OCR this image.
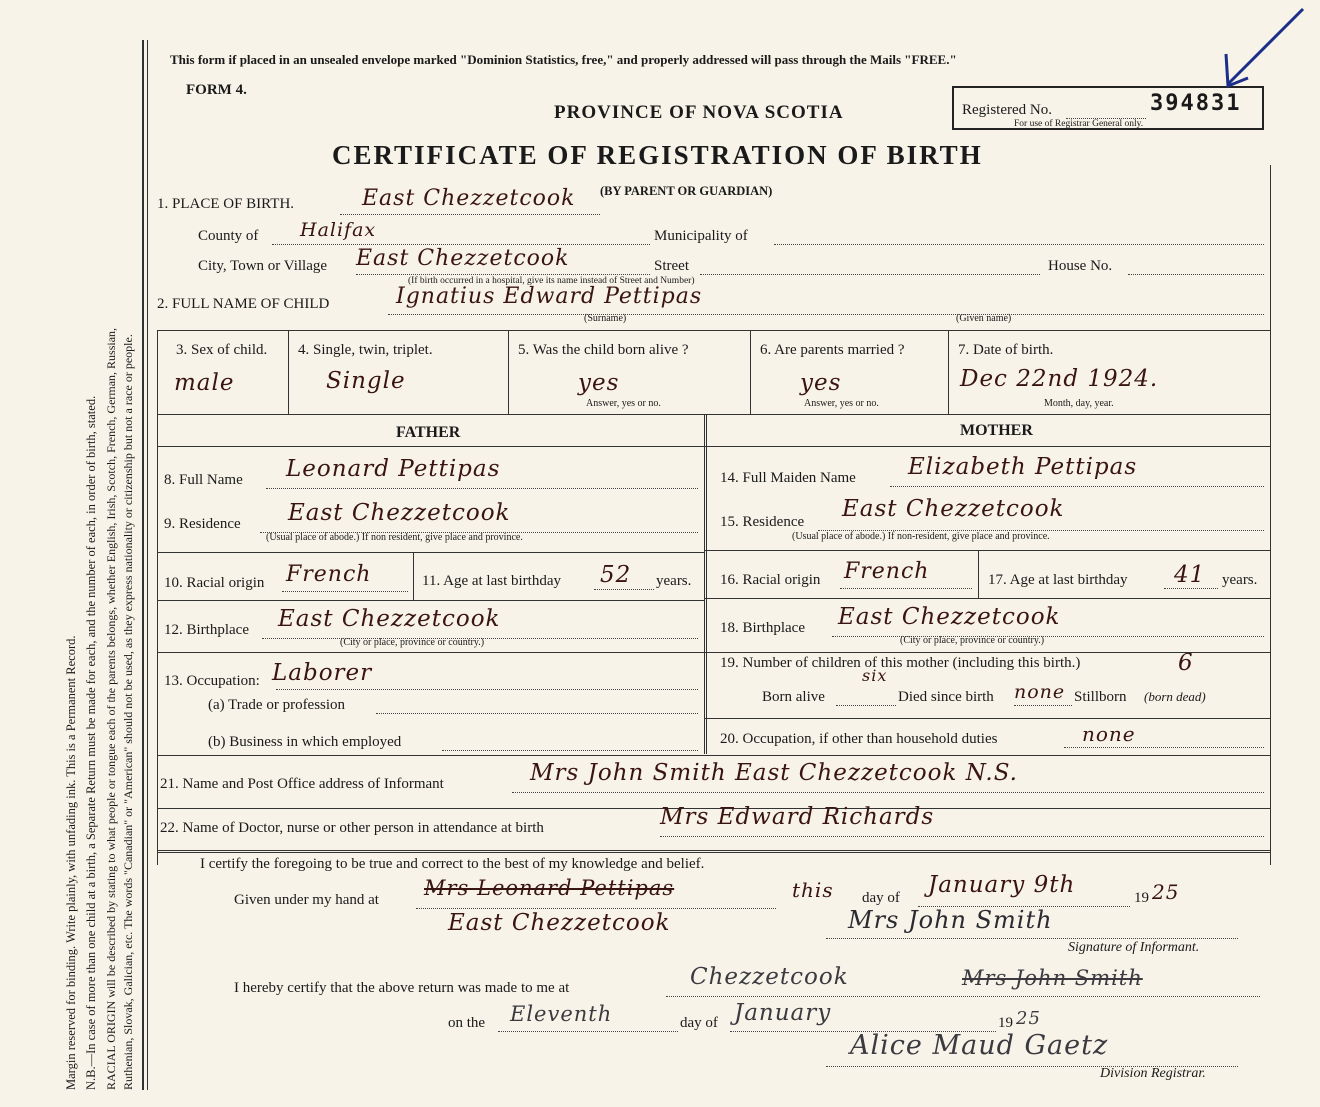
Margin reserved for binding. Write plainly, with unfading ink. This is a Permanent Record. N.B.—In case of more than one child at a birth, a Separate Return must be made for each, and the number of each, in order of birth, stated. RACIAL ORIGIN will be described by stating to what people or tongue each of the parents belongs, whether English, Irish, Scotch, French, German, Russian, Ruthenian, Slovak, Galician, etc. The words "Canadian" or "American" should not be used, as they express nationality or citizenship but not a race or people.
This form if placed in an unsealed envelope marked "Dominion Statistics, free," and properly addressed will pass through the Mails "FREE."
FORM 4.
PROVINCE OF NOVA SCOTIA	Registered No.	394831
For use of Registrar General only.
CERTIFICATE OF REGISTRATION OF BIRTH
1. PLACE OF BIRTH.	East Chezzetcook (BY PARENT OR GUARDIAN)
County of Halifax	Municipality of
City, Town or Village East Chezzetcook	Street	House No.
(If birth occurred in a hospital, give its name instead of Street and Number)
2. FULL NAME OF CHILD	Ignatius Edward Pettipas
(Surname)	(Given name)
3. Sex of child.
male
4. Single, twin, triplet.
Single
5. Was the child born alive ?
yes
Answer, yes or no.
6. Are parents married ?
yes
Answer, yes or no.
7. Date of birth.
Dec 22nd 1924.
Month, day, year.
FATHER	MOTHER
8. Full Name Leonard Pettipas
9. Residence East Chezzetcook
(Usual place of abode.) If non resident, give place and province.
10. Racial origin French	11. Age at last birthday 52 years.
12. Birthplace East Chezzetcook
(City or place, province or country.)
13. Occupation: Laborer
(a) Trade or profession
(b) Business in which employed
14. Full Maiden Name Elizabeth Pettipas
15. Residence East Chezzetcook
(Usual place of abode.) If non-resident, give place and province.
16. Racial origin French	17. Age at last birthday 41 years.
18. Birthplace East Chezzetcook
(City or place, province or country.)
19. Number of children of this mother (including this birth.)	6
Born alive
six
Died since birth none Stillborn (born dead)
20. Occupation, if other than household duties	none
21. Name and Post Office address of Informant	Mrs John Smith East Chezzetcook N.S.
22. Name of Doctor, nurse or other person in attendance at birth	Mrs Edward Richards
I certify the foregoing to be true and correct to the best of my knowledge and belief.
Given under my hand at Mrs Leonard Pettipas
East Chezzetcook
this day of January 9th	19 25
Mrs John Smith
Signature of Informant.
I hereby certify that the above return was made to me at	Chezzetcook	Mrs John Smith
on the Eleventh	day of January	19 25
Alice Maud Gaetz
Division Registrar.
